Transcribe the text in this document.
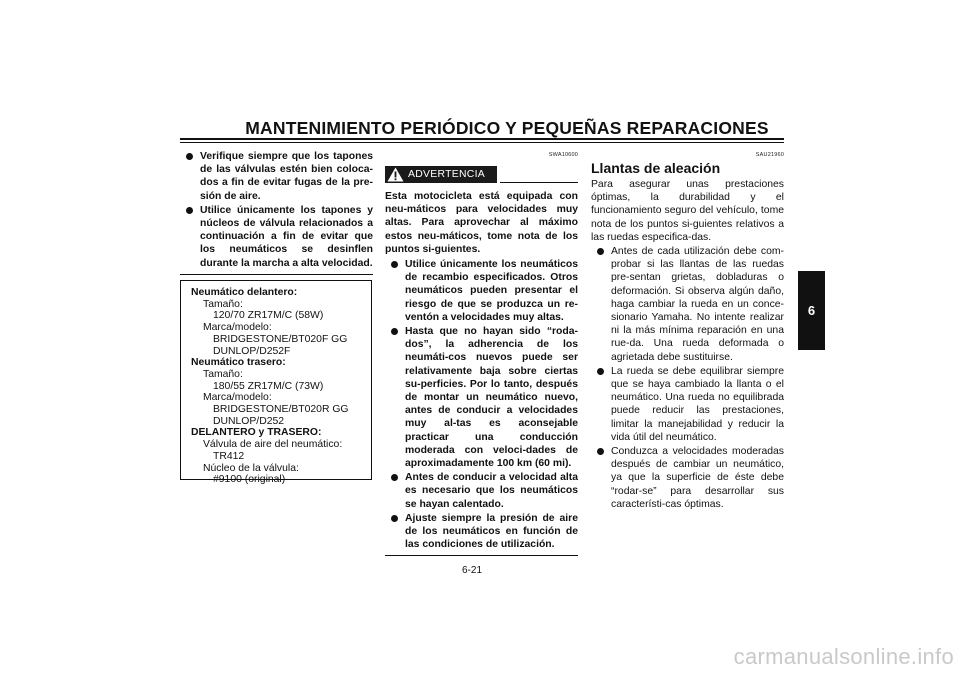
MANTENIMIENTO PERIÓDICO Y PEQUEÑAS REPARACIONES
Verifique siempre que los tapones de las válvulas estén bien coloca-dos a fin de evitar fugas de la pre-sión de aire.
Utilice únicamente los tapones y núcleos de válvula relacionados a continuación a fin de evitar que los neumáticos se desinflen durante la marcha a alta velocidad.
Neumático delantero:
Tamaño:
120/70 ZR17M/C (58W)
Marca/modelo:
BRIDGESTONE/BT020F GG
DUNLOP/D252F
Neumático trasero:
Tamaño:
180/55 ZR17M/C (73W)
Marca/modelo:
BRIDGESTONE/BT020R GG
DUNLOP/D252
DELANTERO y TRASERO:
Válvula de aire del neumático:
TR412
Núcleo de la válvula:
#9100 (original)
SWA10600
ADVERTENCIA
Esta motocicleta está equipada con neu-máticos para velocidades muy altas. Para aprovechar al máximo estos neu-máticos, tome nota de los puntos si-guientes.
Utilice únicamente los neumáticos de recambio especificados. Otros neumáticos pueden presentar el riesgo de que se produzca un re-ventón a velocidades muy altas.
Hasta que no hayan sido “roda-dos”, la adherencia de los neumáti-cos nuevos puede ser relativamente baja sobre ciertas su-perficies. Por lo tanto, después de montar un neumático nuevo, antes de conducir a velocidades muy al-tas es aconsejable practicar una conducción moderada con veloci-dades de aproximadamente 100 km (60 mi).
Antes de conducir a velocidad alta es necesario que los neumáticos se hayan calentado.
Ajuste siempre la presión de aire de los neumáticos en función de las condiciones de utilización.
SAU21960
Llantas de aleación
Para asegurar unas prestaciones óptimas, la durabilidad y el funcionamiento seguro del vehículo, tome nota de los puntos si-guientes relativos a las ruedas especifica-das.
Antes de cada utilización debe com-probar si las llantas de las ruedas pre-sentan grietas, dobladuras o deformación. Si observa algún daño, haga cambiar la rueda en un conce-sionario Yamaha. No intente realizar ni la más mínima reparación en una rue-da. Una rueda deformada o agrietada debe sustituirse.
La rueda se debe equilibrar siempre que se haya cambiado la llanta o el neumático. Una rueda no equilibrada puede reducir las prestaciones, limitar la manejabilidad y reducir la vida útil del neumático.
Conduzca a velocidades moderadas después de cambiar un neumático, ya que la superficie de éste debe “rodar-se” para desarrollar sus característi-cas óptimas.
6
6-21
carmanualsonline.info
